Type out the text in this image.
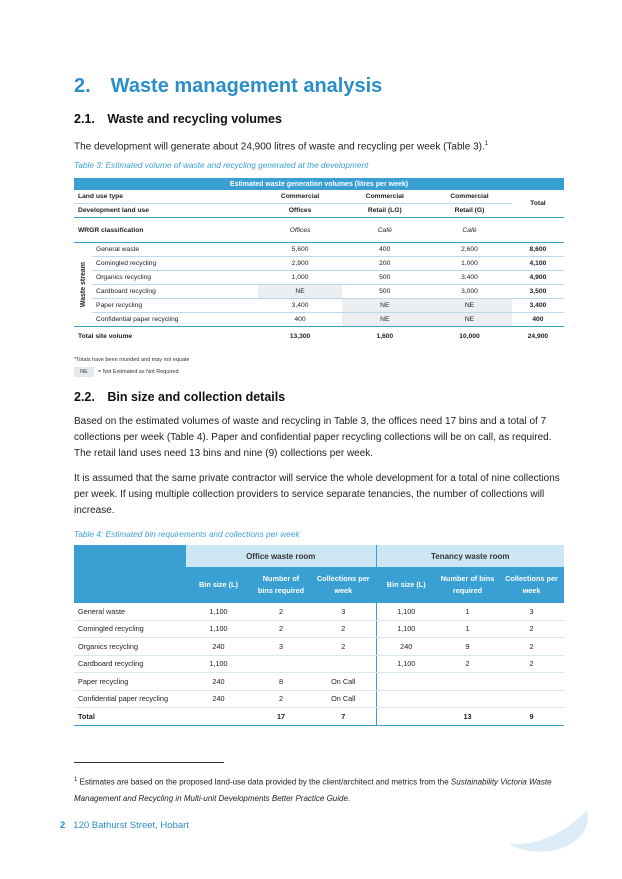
2. Waste management analysis
2.1. Waste and recycling volumes

The development will generate about 24,900 litres of waste and recycling per week (Table 3).$^1$

Table 3: Estimated volume of waste and recycling generated at the development
Estimated waste generation volumes (litres per week)					
Land use type		Commercial	Commercial	Commercial	Total
Development land use		Offices	Retail (LG)	Retail (G)	
WRGR classification		Offices	Café	Café	

Waste stream	General waste	5,600	400	2,600	8,600
	Comingled recycling	2,900	200	1,000	4,100
	Organics recycling	1,000	500	3,400	4,900
	Cardboard recycling	NE	500	3,000	3,500
	Paper recycling	3,400	NE	NE	3,400
	Confidential paper recycling	400	NE	NE	400
Total site volume		13,300	1,600	10,000	24,900
*Totals have been rounded and may not equate
NE = Not Estimated as Not Required
2.2. Bin size and collection details

Based on the estimated volumes of waste and recycling in Table 3, the offices need 17 bins and a total of 7 collections per week (Table 4). Paper and confidential paper recycling collections will be on call, as required. The retail land uses need 13 bins and nine (9) collections per week.

It is assumed that the same private contractor will service the whole development for a total of nine collections per week. If using multiple collection providers to service separate tenancies, the number of collections will increase.

Table 4: Estimated bin requirements and collections per week
	Office waste room			Tenancy waste room		
	Bin size (L)	Number of bins required	Collections per week	Bin size (L)	Number of bins required	Collections per week
General waste	1,100	2	3	1,100	1	3
Comingled recycling	1,100	2	2	1,100	1	2
Organics recycling	240	3	2	240	9	2
Cardboard recycling	1,100			1,100	2	2
Paper recycling	240	8	On Call			
Confidential paper recycling	240	2	On Call			
Total		17	7		13	9
$^1$ Estimates are based on the proposed land-use data provided by the client/architect and metrics from the Sustainability Victoria Waste Management and Recycling in Multi-unit Developments Better Practice Guide.
2 120 Bathurst Street, Hobart
